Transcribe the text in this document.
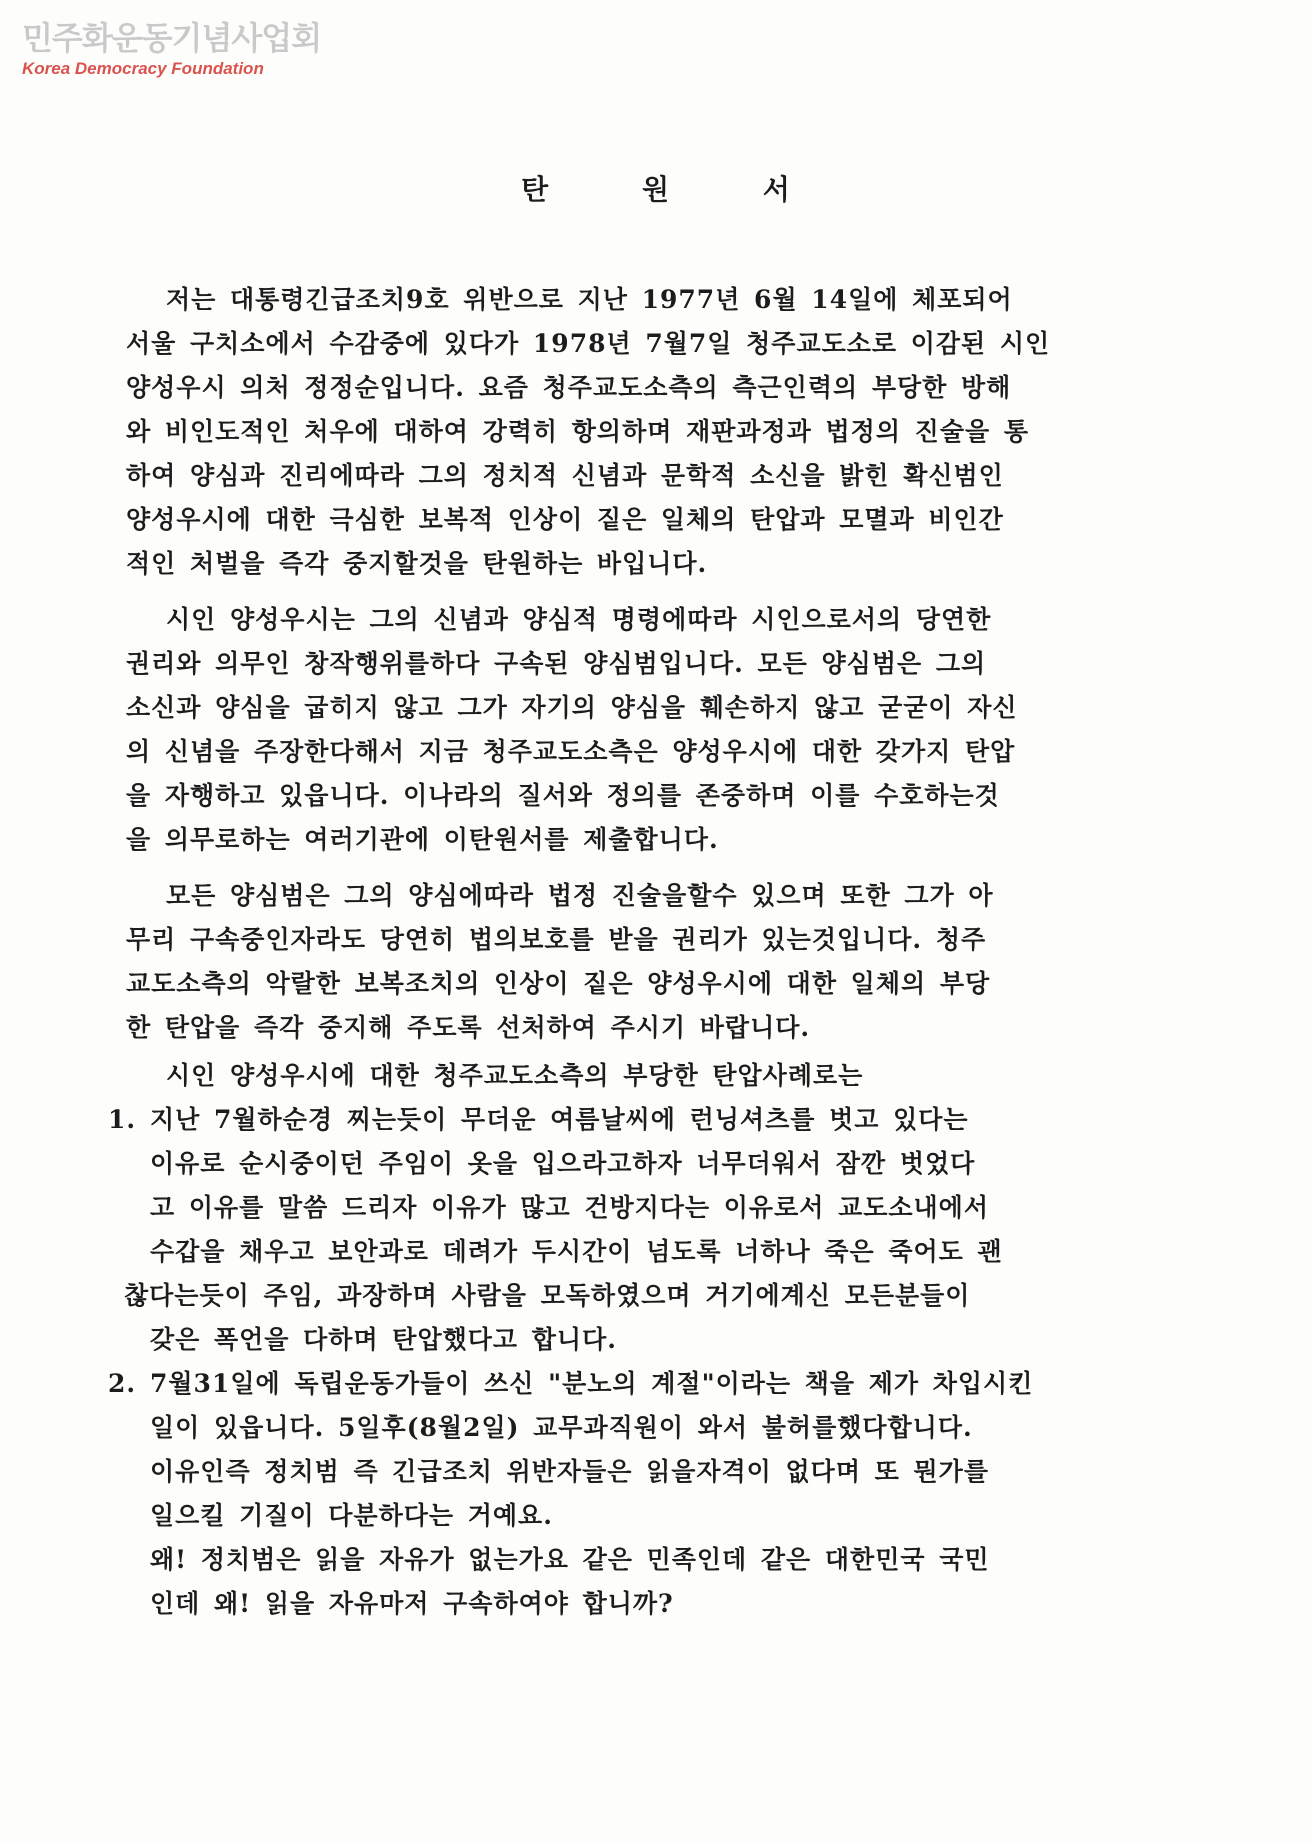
민주화운동기념사업회
Korea Democracy Foundation
탄 원 서

저는 대통령긴급조치9호 위반으로 지난 1977년 6월 14일에 체포되어

서울 구치소에서 수감중에 있다가 1978년 7월7일 청주교도소로 이감된 시인

양성우시 의처 정정순입니다. 요즘 청주교도소측의 측근인력의 부당한 방해

와 비인도적인 처우에 대하여 강력히 항의하며 재판과정과 법정의 진술을 통

하여 양심과 진리에따라 그의 정치적 신념과 문학적 소신을 밝힌 확신범인

양성우시에 대한 극심한 보복적 인상이 짙은 일체의 탄압과 모멸과 비인간

적인 처벌을 즉각 중지할것을 탄원하는 바입니다.

시인 양성우시는 그의 신념과 양심적 명령에따라 시인으로서의 당연한

권리와 의무인 창작행위를하다 구속된 양심범입니다. 모든 양심범은 그의

소신과 양심을 굽히지 않고 그가 자기의 양심을 훼손하지 않고 굳굳이 자신

의 신념을 주장한다해서 지금 청주교도소측은 양성우시에 대한 갖가지 탄압

을 자행하고 있읍니다. 이나라의 질서와 정의를 존중하며 이를 수호하는것

을 의무로하는 여러기관에 이탄원서를 제출합니다.

모든 양심범은 그의 양심에따라 법정 진술을할수 있으며 또한 그가 아

무리 구속중인자라도 당연히 법의보호를 받을 권리가 있는것입니다. 청주

교도소측의 악랄한 보복조치의 인상이 짙은 양성우시에 대한 일체의 부당

한 탄압을 즉각 중지해 주도록 선처하여 주시기 바랍니다.

시인 양성우시에 대한 청주교도소측의 부당한 탄압사례로는

1. 지난 7월하순경 찌는듯이 무더운 여름날씨에 런닝셔츠를 벗고 있다는

이유로 순시중이던 주임이 옷을 입으라고하자 너무더워서 잠깐 벗었다

고 이유를 말씀 드리자 이유가 많고 건방지다는 이유로서 교도소내에서

수갑을 채우고 보안과로 데려가 두시간이 넘도록 너하나 죽은 죽어도 괜

찮다는듯이 주임, 과장하며 사람을 모독하였으며 거기에계신 모든분들이

갖은 폭언을 다하며 탄압했다고 합니다.

2. 7월31일에 독립운동가들이 쓰신 "분노의 계절"이라는 책을 제가 차입시킨

일이 있읍니다. 5일후(8월2일) 교무과직원이 와서 불허를했다합니다.

이유인즉 정치범 즉 긴급조치 위반자들은 읽을자격이 없다며 또 뭔가를

일으킬 기질이 다분하다는 거예요.

왜! 정치범은 읽을 자유가 없는가요 같은 민족인데 같은 대한민국 국민

인데 왜! 읽을 자유마저 구속하여야 합니까?
